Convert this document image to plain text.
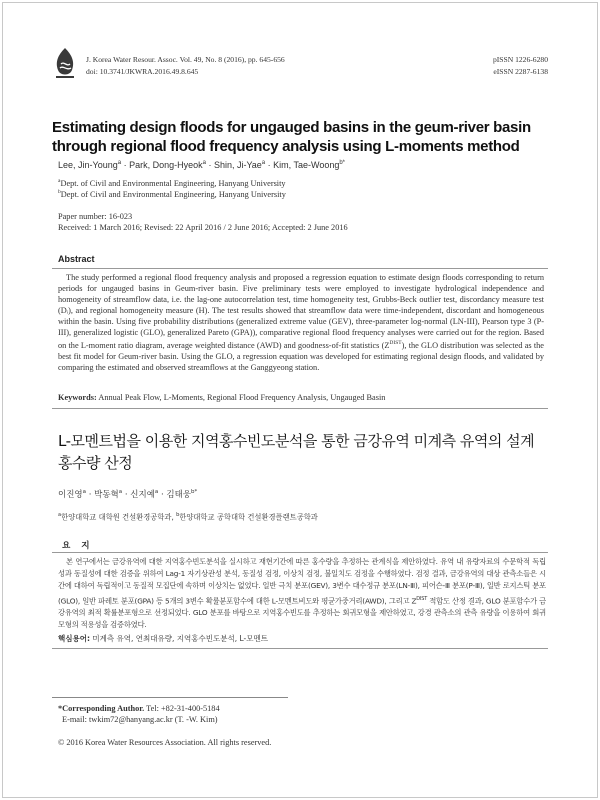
J. Korea Water Resour. Assoc. Vol. 49, No. 8 (2016), pp. 645-656
doi: 10.3741/JKWRA.2016.49.8.645
pISSN 1226-6280
eISSN 2287-6138
Estimating design floods for ungauged basins in the geum-river basin through regional flood frequency analysis using L-moments method
Lee, Jin-Young$^a$ · Park, Dong-Hyeok$^a$ · Shin, Ji-Yae$^a$ · Kim, Tae-Woong$^{b*}$
$^a$Dept. of Civil and Environmental Engineering, Hanyang University
$^b$Dept. of Civil and Environmental Engineering, Hanyang University
Paper number: 16-023
Received: 1 March 2016; Revised: 22 April 2016 / 2 June 2016; Accepted: 2 June 2016
Abstract

The study performed a regional flood frequency analysis and proposed a regression equation to estimate design floods corresponding to return periods for ungauged basins in Geum-river basin. Five preliminary tests were employed to investigate hydrological independence and homogeneity of streamflow data, i.e. the lag-one autocorrelation test, time homogeneity test, Grubbs-Beck outlier test, discordancy measure test (Dᵢ), and regional homogeneity measure (H). The test results showed that streamflow data were time-independent, discordant and homogeneous within the basin. Using five probability distributions (generalized extreme value (GEV), three-parameter log-normal (LN-III), Pearson type 3 (P-III), generalized logistic (GLO), generalized Pareto (GPA)), comparative regional flood frequency analyses were carried out for the region. Based on the L-moment ratio diagram, average weighted distance (AWD) and goodness-of-fit statistics $(Z^{DIST})$, the GLO distribution was selected as the best fit model for Geum-river basin. Using the GLO, a regression equation was developed for estimating regional design floods, and validated by comparing the estimated and observed streamflows at the Ganggyeong station.

Keywords: Annual Peak Flow, L-Moments, Regional Flood Frequency Analysis, Ungauged Basin
L-모멘트법을 이용한 지역홍수빈도분석을 통한 금강유역 미계측 유역의 설계홍수량 산정
이진영$^a$ · 박동혁$^a$ · 신지예$^a$ · 김태웅$^{b*}$
$^a$한양대학교 대학원 건설환경공학과, $^b$한양대학교 공학대학 건설환경플랜트공학과
요 지

본 연구에서는 금강유역에 대한 지역홍수빈도분석을 실시하고 재현기간에 따른 홍수량을 추정하는 관계식을 제안하였다. 유역 내 유량자료의 수문학적 독립성과 동질성에 대한 검증을 위하여 Lag-1 자기상관성 분석, 동질성 검정, 이상치 검정, 불일치도 검정을 수행하였다. 검정 결과, 금강유역의 대상 관측소들은 시간에 대하여 독립적이고 동질적 모집단에 속하며 이상치는 없었다. 일반 극치 분포(GEV), 3변수 대수정규 분포(LN-Ⅲ), 피어슨-Ⅲ 분포(P-Ⅲ), 일반 로지스틱 분포(GLO), 일반 파레토 분포(GPA) 등 5개의 3변수 확률분포함수에 대한 L-모멘트비도와 평균가중거리(AWD), 그리고 $Z^{DIST}$ 적합도 산정 결과, GLO 분포함수가 금강유역의 최적 확률분포형으로 선정되었다. GLO 분포를 바탕으로 지역홍수빈도를 추정하는 회귀모형을 제안하였고, 강경 관측소의 관측 유량을 이용하여 회귀모형의 적용성을 검증하였다.

핵심용어: 미계측 유역, 연최대유량, 지역홍수빈도분석, L-모멘트
*Corresponding Author. Tel: +82-31-400-5184
E-mail: twkim72@hanyang.ac.kr (T. -W. Kim)
© 2016 Korea Water Resources Association. All rights reserved.
